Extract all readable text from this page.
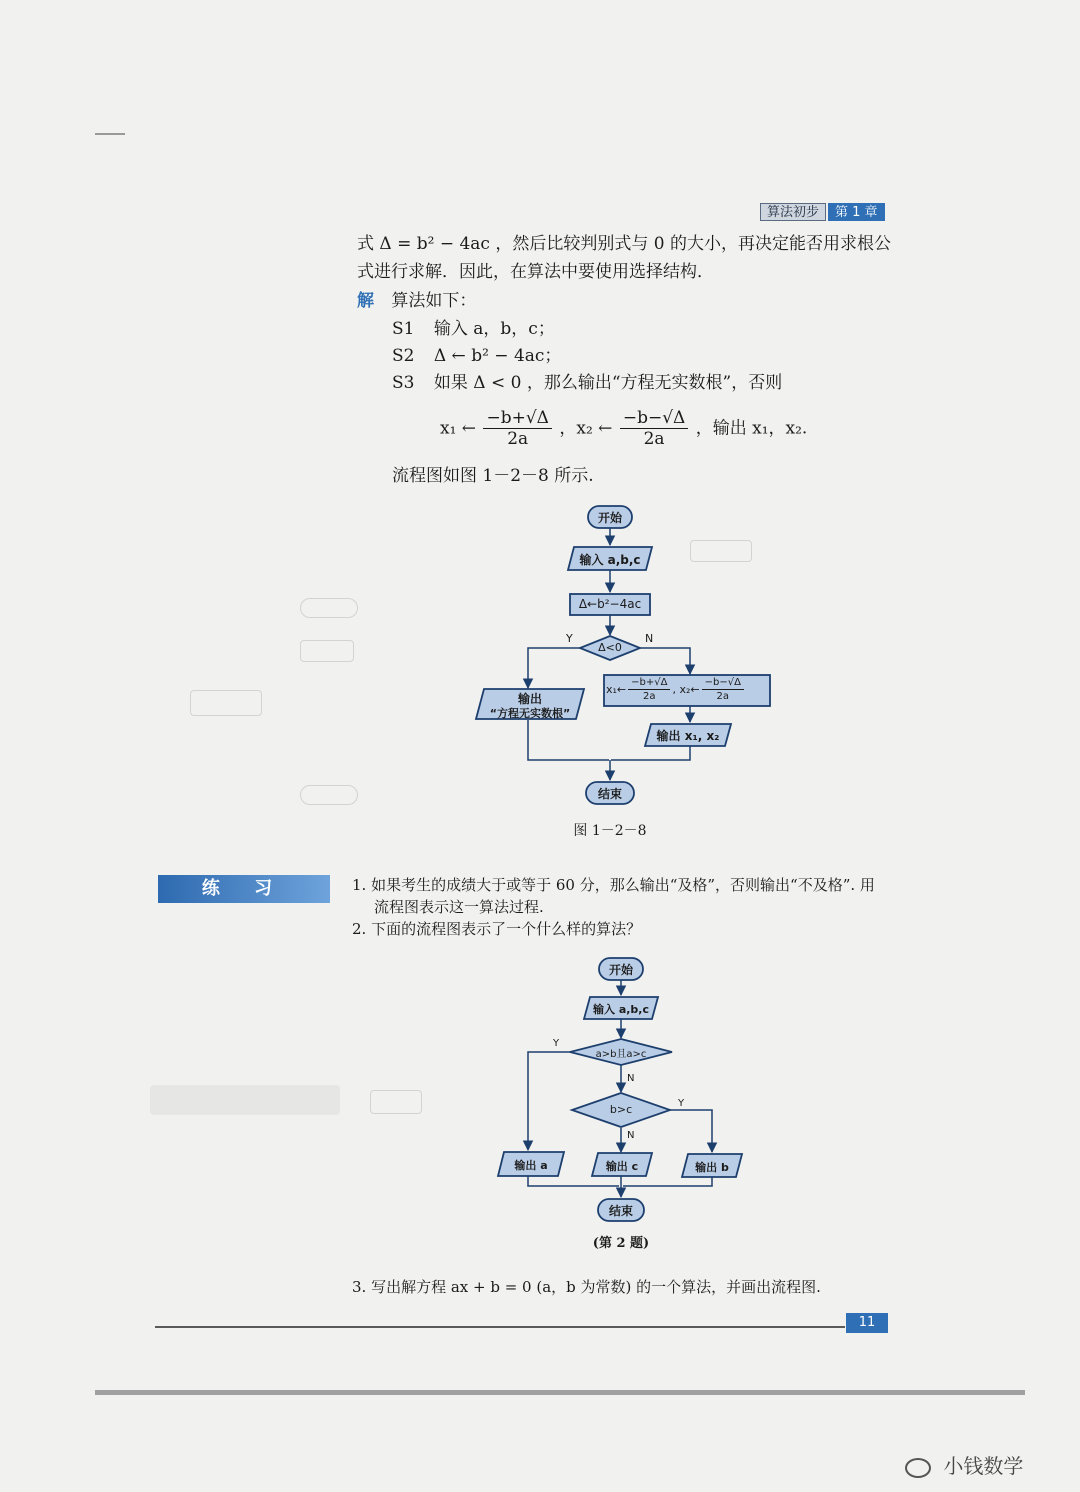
算法初步	第 1 章
式 Δ = b² − 4ac ，然后比较判别式与 0 的大小，再决定能否用求根公
式进行求解．因此，在算法中要使用选择结构．
解 算法如下：
S1 输入 a，b，c；
S2 Δ ← b² − 4ac；
S3 如果 Δ < 0 ，那么输出“方程无实数根”，否则
x₁ ← $\frac{-b+√\Delta}{2a}$ ，x₂ ← $\frac{-b-√\Delta}{2a}$ ，输出 x₁，x₂.
流程图如图 1－2－8 所示.
开始
输入 a,b,c
Δ←b²−4ac
Δ<0
Y	N
输出
“方程无实数根”
x₁← $\frac{-b+√\Delta}{2a}$ , x₂← $\frac{-b-√\Delta}{2a}$
输出 x₁, x₂
结束
图 1－2－8
练 习	1. 如果考生的成绩大于或等于 60 分，那么输出“及格”，否则输出“不及格”. 用
流程图表示这一算法过程.
2. 下面的流程图表示了一个什么样的算法？
开始
输入 a,b,c
a>b且a>c
Y
N
b>c	Y
N
输出 a	输出 c	输出 b
结束
(第 2 题)
3. 写出解方程 ax + b = 0 (a，b 为常数) 的一个算法，并画出流程图.
11
小钱数学
